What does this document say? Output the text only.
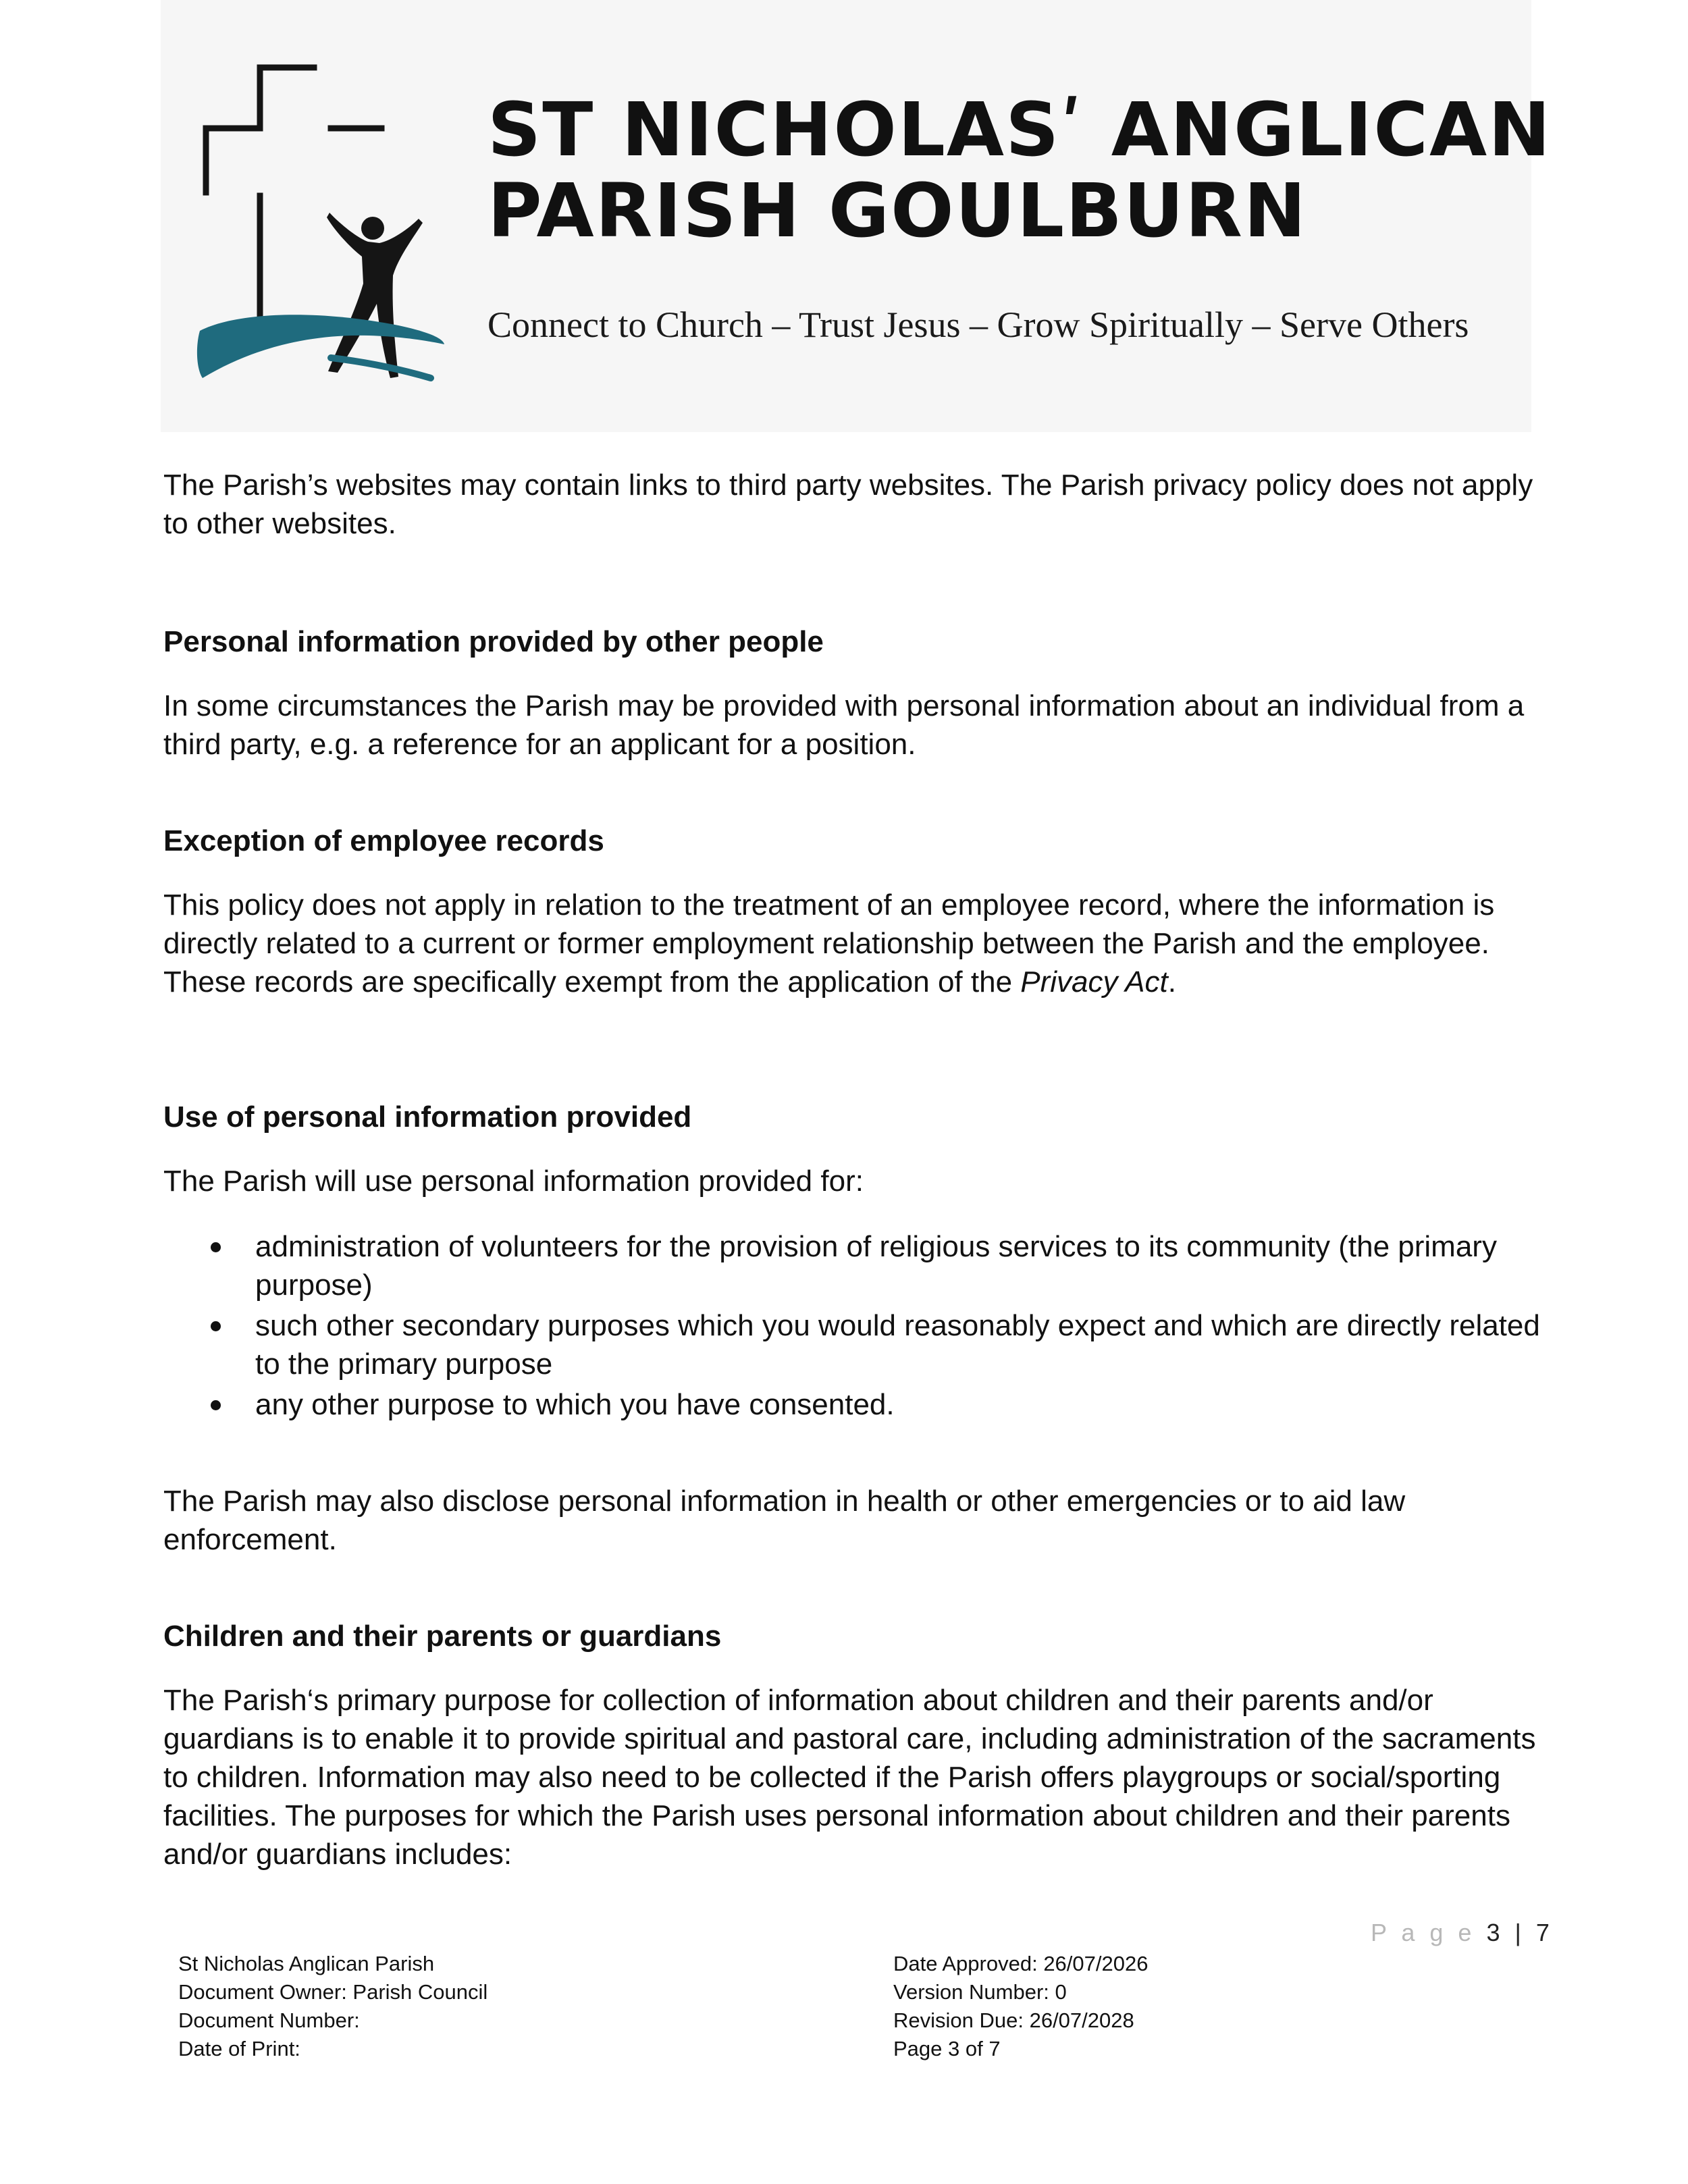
ST NICHOLASʹ ANGLICAN
PARISH GOULBURN
Connect to Church – Trust Jesus – Grow Spiritually – Serve Others

The Parish’s websites may contain links to third party websites. The Parish privacy policy does not apply to other websites.

Personal information provided by other people

In some circumstances the Parish may be provided with personal information about an individual from a third party, e.g. a reference for an applicant for a position.

Exception of employee records

This policy does not apply in relation to the treatment of an employee record, where the information is directly related to a current or former employment relationship between the Parish and the employee. These records are specifically exempt from the application of the Privacy Act.

Use of personal information provided

The Parish will use personal information provided for:

administration of volunteers for the provision of religious services to its community (the primary purpose)
such other secondary purposes which you would reasonably expect and which are directly related to the primary purpose
any other purpose to which you have consented.

The Parish may also disclose personal information in health or other emergencies or to aid law enforcement.

Children and their parents or guardians

The Parish‘s primary purpose for collection of information about children and their parents and/or guardians is to enable it to provide spiritual and pastoral care, including administration of the sacraments to children. Information may also need to be collected if the Parish offers playgroups or social/sporting facilities. The purposes for which the Parish uses personal information about children and their parents and/or guardians includes:

P a g e 3 | 7
St Nicholas Anglican Parish
Document Owner: Parish Council
Document Number:
Date of Print:
Date Approved: 26/07/2026
Version Number: 0
Revision Due: 26/07/2028
Page 3 of 7
